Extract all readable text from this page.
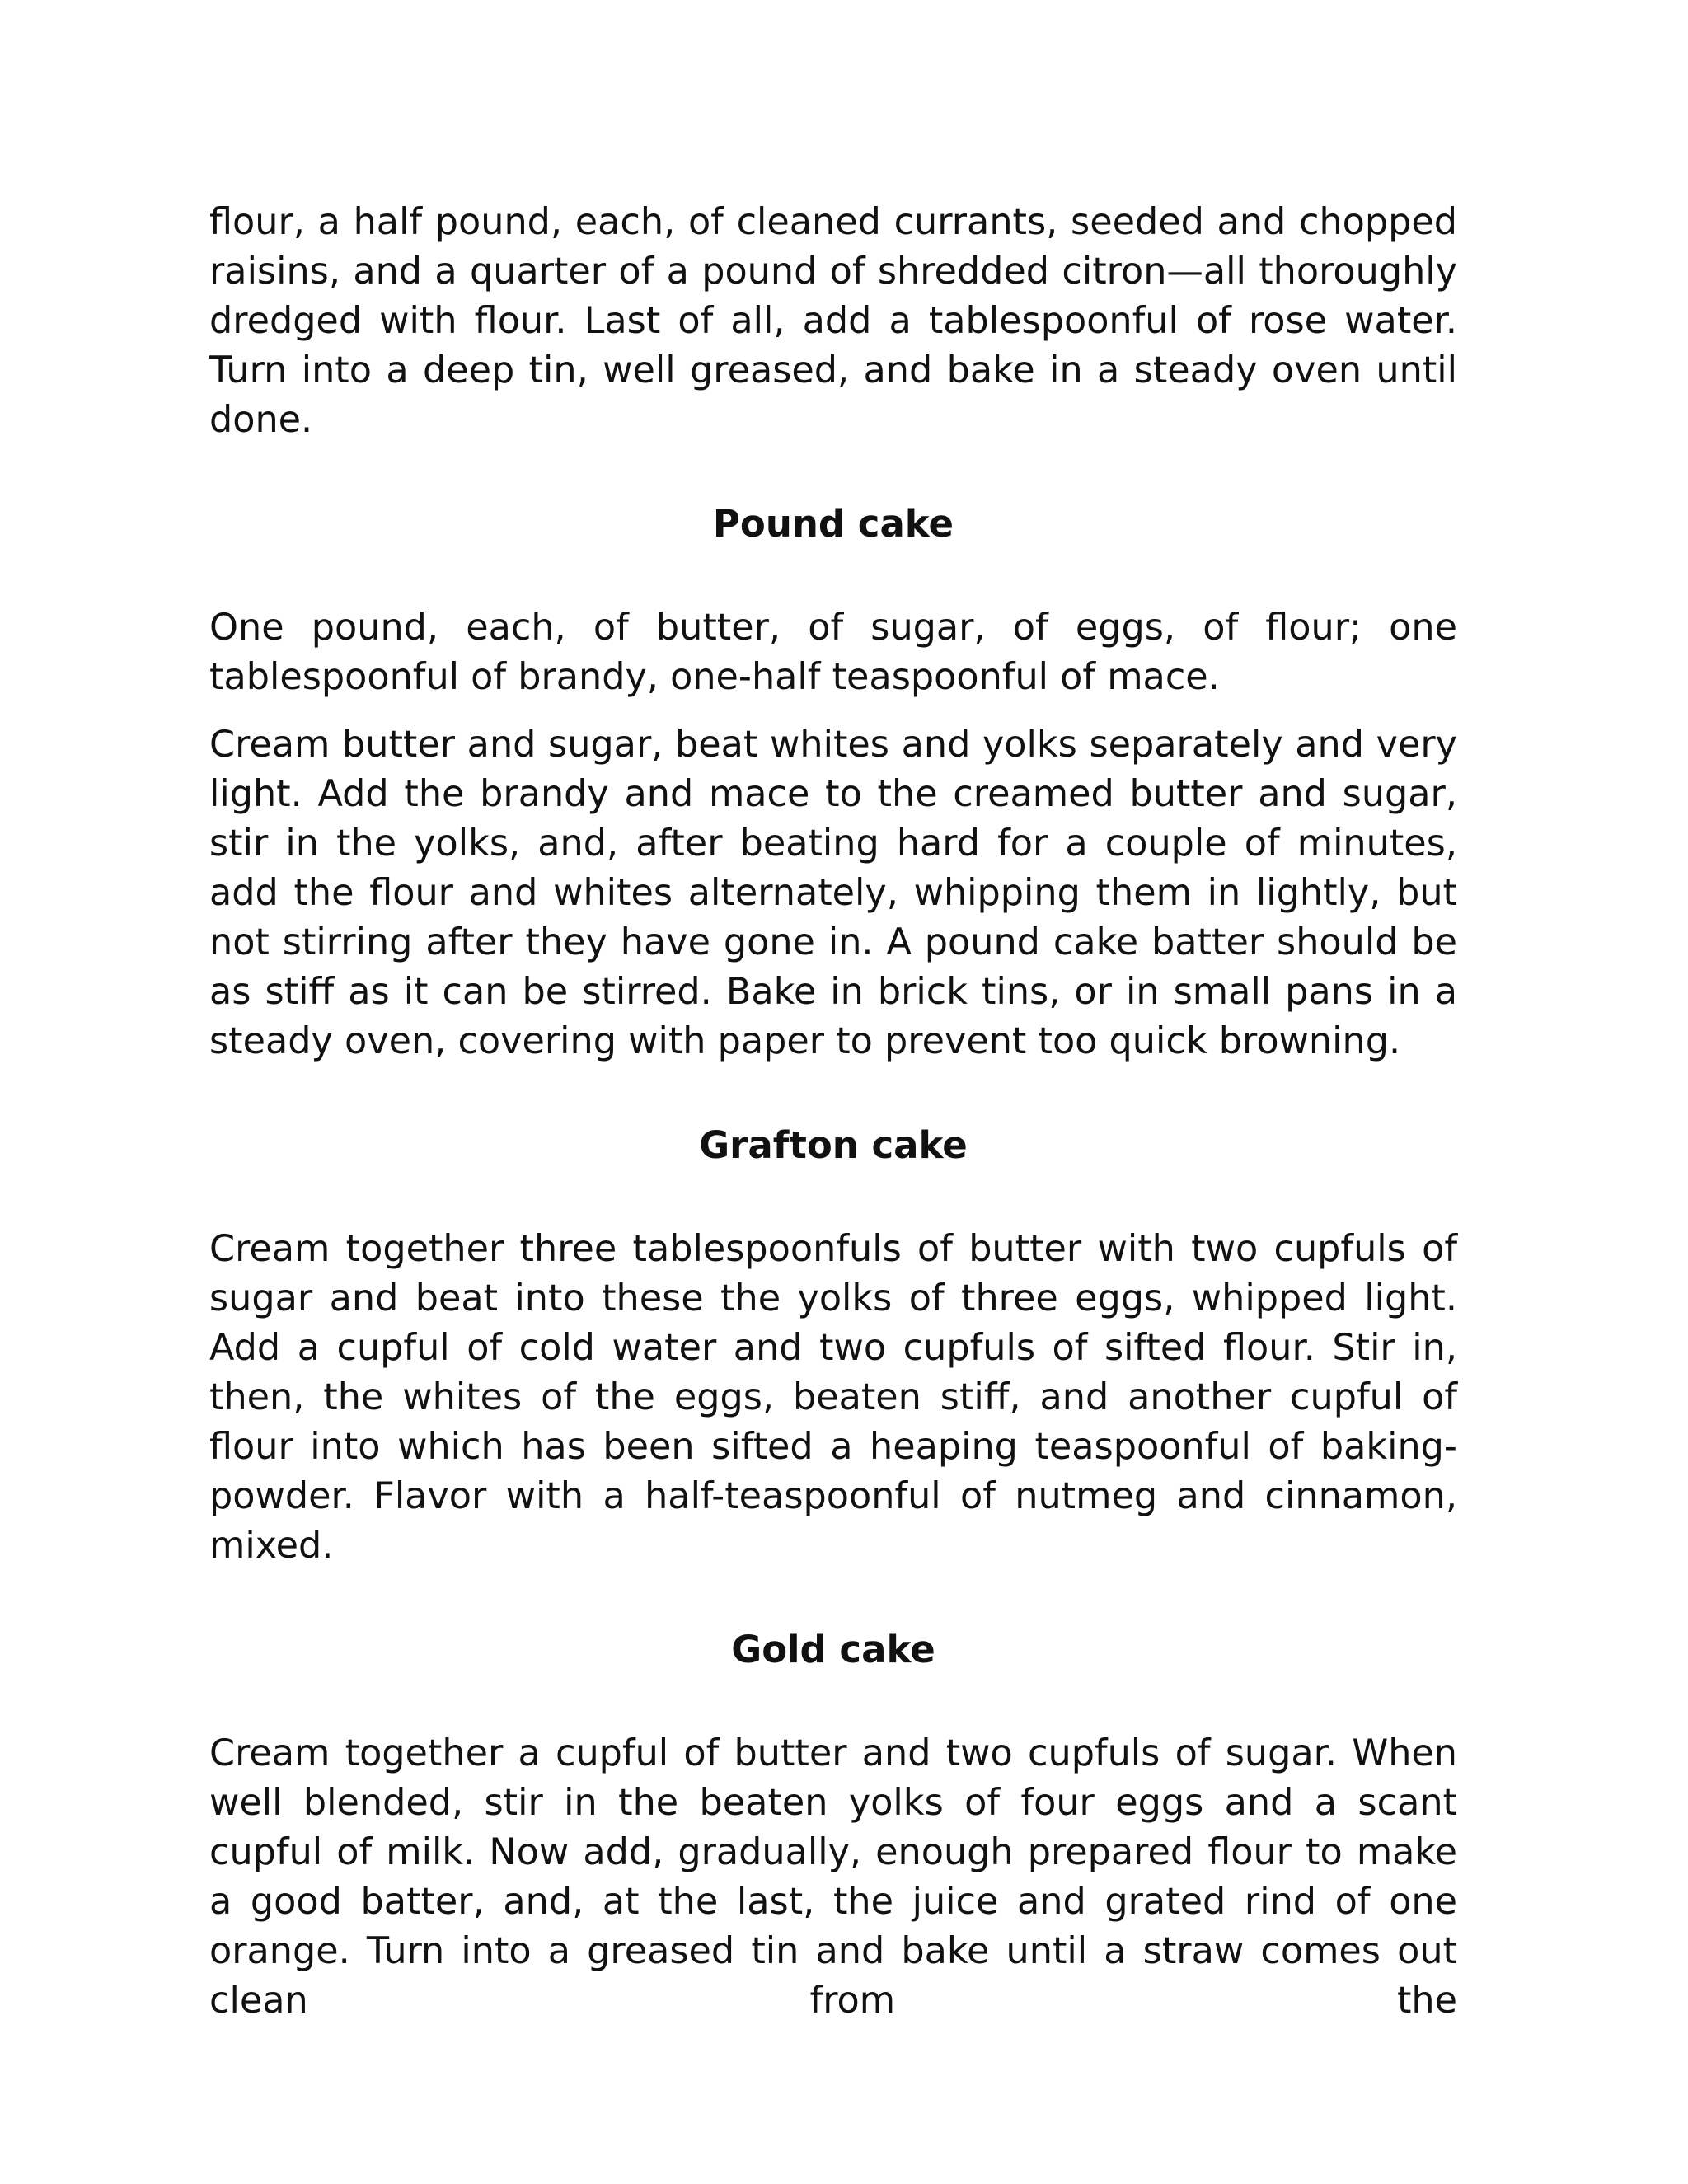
flour, a half pound, each, of cleaned currants, seeded and chopped raisins, and a quarter of a pound of shredded citron—all thoroughly dredged with flour. Last of all, add a tablespoonful of rose water. Turn into a deep tin, well greased, and bake in a steady oven until done.

Pound cake

One pound, each, of butter, of sugar, of eggs, of flour; one tablespoonful of brandy, one-half teaspoonful of mace.

Cream butter and sugar, beat whites and yolks separately and very light. Add the brandy and mace to the creamed butter and sugar, stir in the yolks, and, after beating hard for a couple of minutes, add the flour and whites alternately, whipping them in lightly, but not stirring after they have gone in. A pound cake batter should be as stiff as it can be stirred. Bake in brick tins, or in small pans in a steady oven, covering with paper to prevent too quick browning.

Grafton cake

Cream together three tablespoonfuls of butter with two cupfuls of sugar and beat into these the yolks of three eggs, whipped light. Add a cupful of cold water and two cupfuls of sifted flour. Stir in, then, the whites of the eggs, beaten stiff, and another cupful of flour into which has been sifted a heaping teaspoonful of baking-powder. Flavor with a half-teaspoonful of nutmeg and cinnamon, mixed.

Gold cake

Cream together a cupful of butter and two cupfuls of sugar. When well blended, stir in the beaten yolks of four eggs and a scant cupful of milk. Now add, gradually, enough prepared flour to make a good batter, and, at the last, the juice and grated rind of one orange. Turn into a greased tin and bake until a straw comes out clean from the
